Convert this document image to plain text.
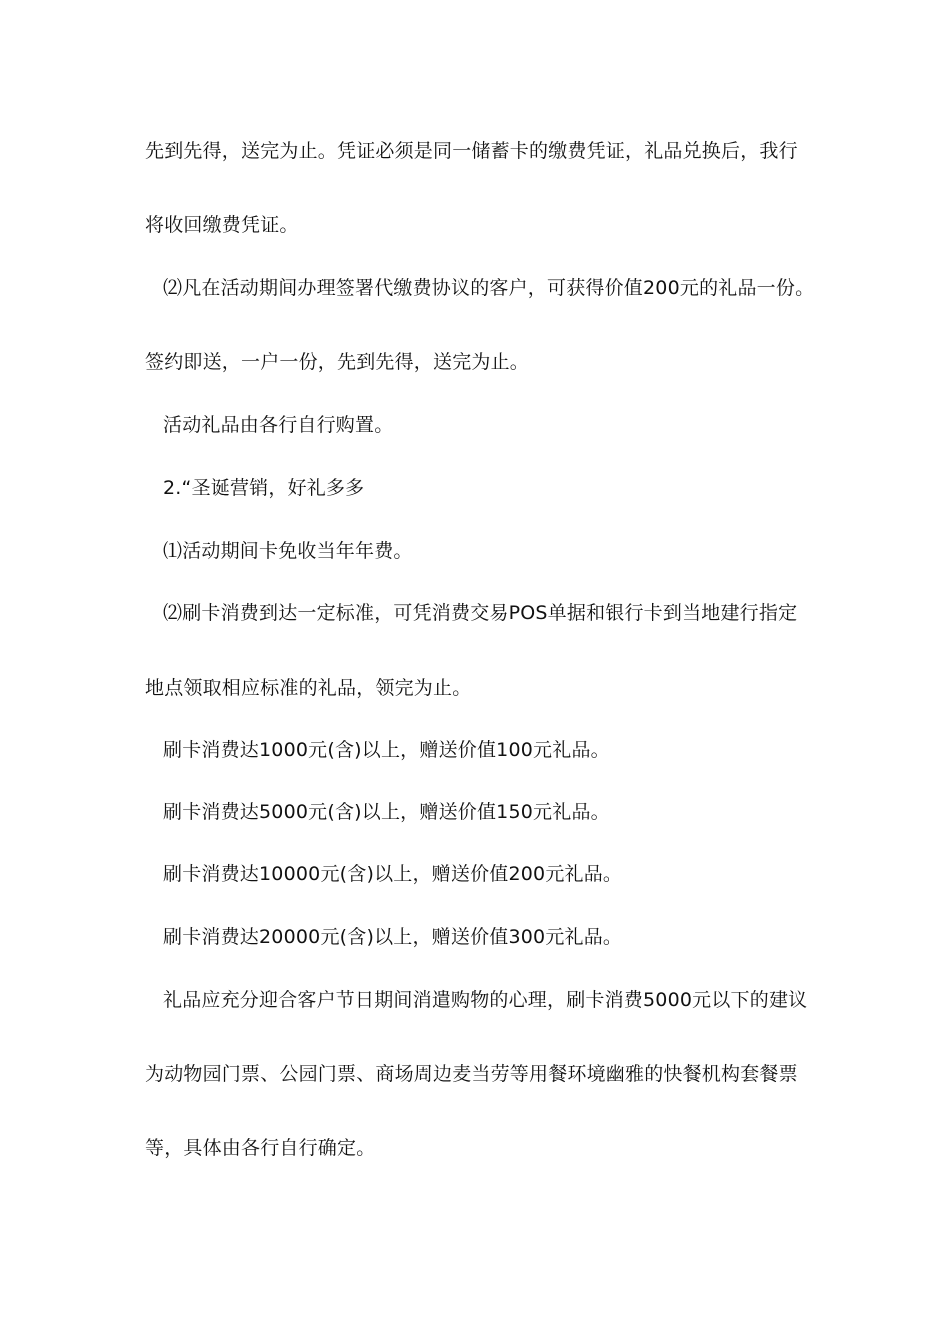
先到先得，送完为止。凭证必须是同一储蓄卡的缴费凭证，礼品兑换后，我行
将收回缴费凭证。
⑵凡在活动期间办理签署代缴费协议的客户，可获得价值200元的礼品一份。
签约即送，一户一份，先到先得，送完为止。
活动礼品由各行自行购置。
2.“圣诞营销，好礼多多
⑴活动期间卡免收当年年费。
⑵刷卡消费到达一定标准，可凭消费交易POS单据和银行卡到当地建行指定
地点领取相应标准的礼品，领完为止。
刷卡消费达1000元(含)以上，赠送价值100元礼品。
刷卡消费达5000元(含)以上，赠送价值150元礼品。
刷卡消费达10000元(含)以上，赠送价值200元礼品。
刷卡消费达20000元(含)以上，赠送价值300元礼品。
礼品应充分迎合客户节日期间消遣购物的心理，刷卡消费5000元以下的建议
为动物园门票、公园门票、商场周边麦当劳等用餐环境幽雅的快餐机构套餐票
等，具体由各行自行确定。
